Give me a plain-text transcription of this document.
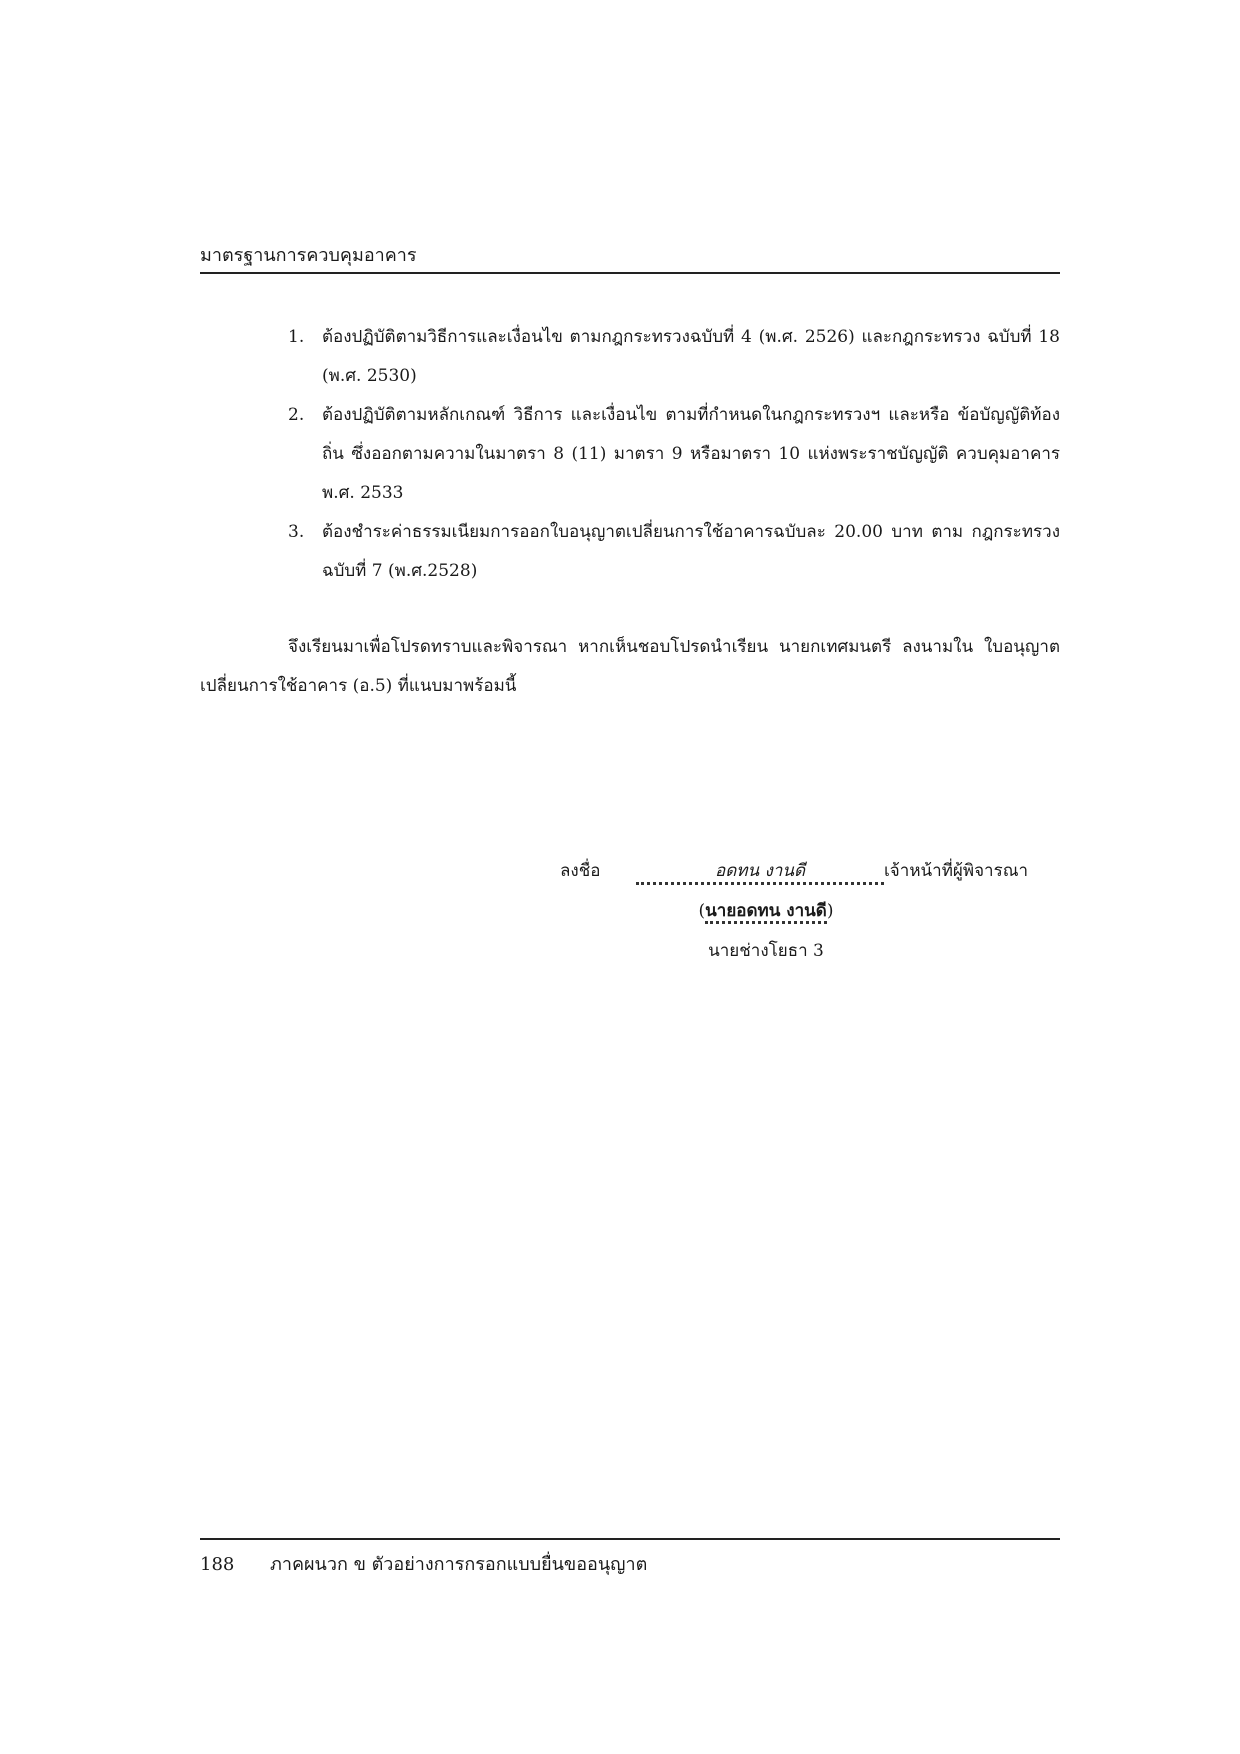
มาตรฐานการควบคุมอาคาร
1.	ต้องปฏิบัติตามวิธีการและเงื่อนไข ตามกฎกระทรวงฉบับที่ 4 (พ.ศ. 2526) และกฎกระทรวง ฉบับที่ 18 (พ.ศ. 2530)
2.	ต้องปฏิบัติตามหลักเกณฑ์ วิธีการ และเงื่อนไข ตามที่กำหนดในกฎกระทรวงฯ และหรือ ข้อบัญญัติท้องถิ่น ซึ่งออกตามความในมาตรา 8 (11) มาตรา 9 หรือมาตรา 10 แห่งพระราชบัญญัติ ควบคุมอาคาร พ.ศ. 2533
3.	ต้องชำระค่าธรรมเนียมการออกใบอนุญาตเปลี่ยนการใช้อาคารฉบับละ 20.00 บาท ตาม กฎกระทรวง ฉบับที่ 7 (พ.ศ.2528)

จึงเรียนมาเพื่อโปรดทราบและพิจารณา หากเห็นชอบโปรดนำเรียน นายกเทศมนตรี ลงนามใน ใบอนุญาตเปลี่ยนการใช้อาคาร (อ.5) ที่แนบมาพร้อมนี้

ลงชื่อ	อดทน งานดี	เจ้าหน้าที่ผู้พิจารณา
(นายอดทน งานดี)
นายช่างโยธา 3
188 ภาคผนวก ข ตัวอย่างการกรอกแบบยื่นขออนุญาต
